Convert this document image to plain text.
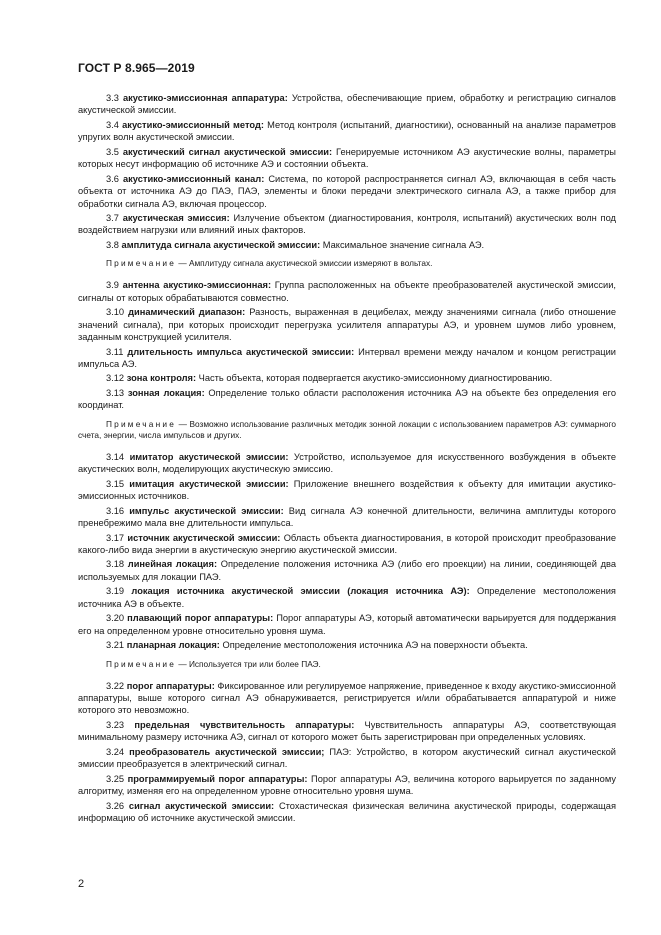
ГОСТ Р 8.965—2019
3.3 акустико-эмиссионная аппаратура: Устройства, обеспечивающие прием, обработку и регистрацию сигналов акустической эмиссии.
3.4 акустико-эмиссионный метод: Метод контроля (испытаний, диагностики), основанный на анализе параметров упругих волн акустической эмиссии.
3.5 акустический сигнал акустической эмиссии: Генерируемые источником АЭ акустические волны, параметры которых несут информацию об источнике АЭ и состоянии объекта.
3.6 акустико-эмиссионный канал: Система, по которой распространяется сигнал АЭ, включающая в себя часть объекта от источника АЭ до ПАЭ, ПАЭ, элементы и блоки передачи электрического сигнала АЭ, а также прибор для обработки сигнала АЭ, включая процессор.
3.7 акустическая эмиссия: Излучение объектом (диагностирования, контроля, испытаний) акустических волн под воздействием нагрузки или влияний иных факторов.
3.8 амплитуда сигнала акустической эмиссии: Максимальное значение сигнала АЭ.
Примечание — Амплитуду сигнала акустической эмиссии измеряют в вольтах.
3.9 антенна акустико-эмиссионная: Группа расположенных на объекте преобразователей акустической эмиссии, сигналы от которых обрабатываются совместно.
3.10 динамический диапазон: Разность, выраженная в децибелах, между значениями сигнала (либо отношение значений сигнала), при которых происходит перегрузка усилителя аппаратуры АЭ, и уровнем шумов либо уровнем, заданным конструкцией усилителя.
3.11 длительность импульса акустической эмиссии: Интервал времени между началом и концом регистрации импульса АЭ.
3.12 зона контроля: Часть объекта, которая подвергается акустико-эмиссионному диагностированию.
3.13 зонная локация: Определение только области расположения источника АЭ на объекте без определения его координат.
Примечание — Возможно использование различных методик зонной локации с использованием параметров АЭ: суммарного счета, энергии, числа импульсов и других.
3.14 имитатор акустической эмиссии: Устройство, используемое для искусственного возбуждения в объекте акустических волн, моделирующих акустическую эмиссию.
3.15 имитация акустической эмиссии: Приложение внешнего воздействия к объекту для имитации акустико-эмиссионных источников.
3.16 импульс акустической эмиссии: Вид сигнала АЭ конечной длительности, величина амплитуды которого пренебрежимо мала вне длительности импульса.
3.17 источник акустической эмиссии: Область объекта диагностирования, в которой происходит преобразование какого-либо вида энергии в акустическую энергию акустической эмиссии.
3.18 линейная локация: Определение положения источника АЭ (либо его проекции) на линии, соединяющей два используемых для локации ПАЭ.
3.19 локация источника акустической эмиссии (локация источника АЭ): Определение местоположения источника АЭ в объекте.
3.20 плавающий порог аппаратуры: Порог аппаратуры АЭ, который автоматически варьируется для поддержания его на определенном уровне относительно уровня шума.
3.21 планарная локация: Определение местоположения источника АЭ на поверхности объекта.
Примечание — Используется три или более ПАЭ.
3.22 порог аппаратуры: Фиксированное или регулируемое напряжение, приведенное к входу акустико-эмиссионной аппаратуры, выше которого сигнал АЭ обнаруживается, регистрируется и/или обрабатывается аппаратурой и ниже которого это невозможно.
3.23 предельная чувствительность аппаратуры: Чувствительность аппаратуры АЭ, соответствующая минимальному размеру источника АЭ, сигнал от которого может быть зарегистрирован при определенных условиях.
3.24 преобразователь акустической эмиссии; ПАЭ: Устройство, в котором акустический сигнал акустической эмиссии преобразуется в электрический сигнал.
3.25 программируемый порог аппаратуры: Порог аппаратуры АЭ, величина которого варьируется по заданному алгоритму, изменяя его на определенном уровне относительно уровня шума.
3.26 сигнал акустической эмиссии: Стохастическая физическая величина акустической природы, содержащая информацию об источнике акустической эмиссии.
2
